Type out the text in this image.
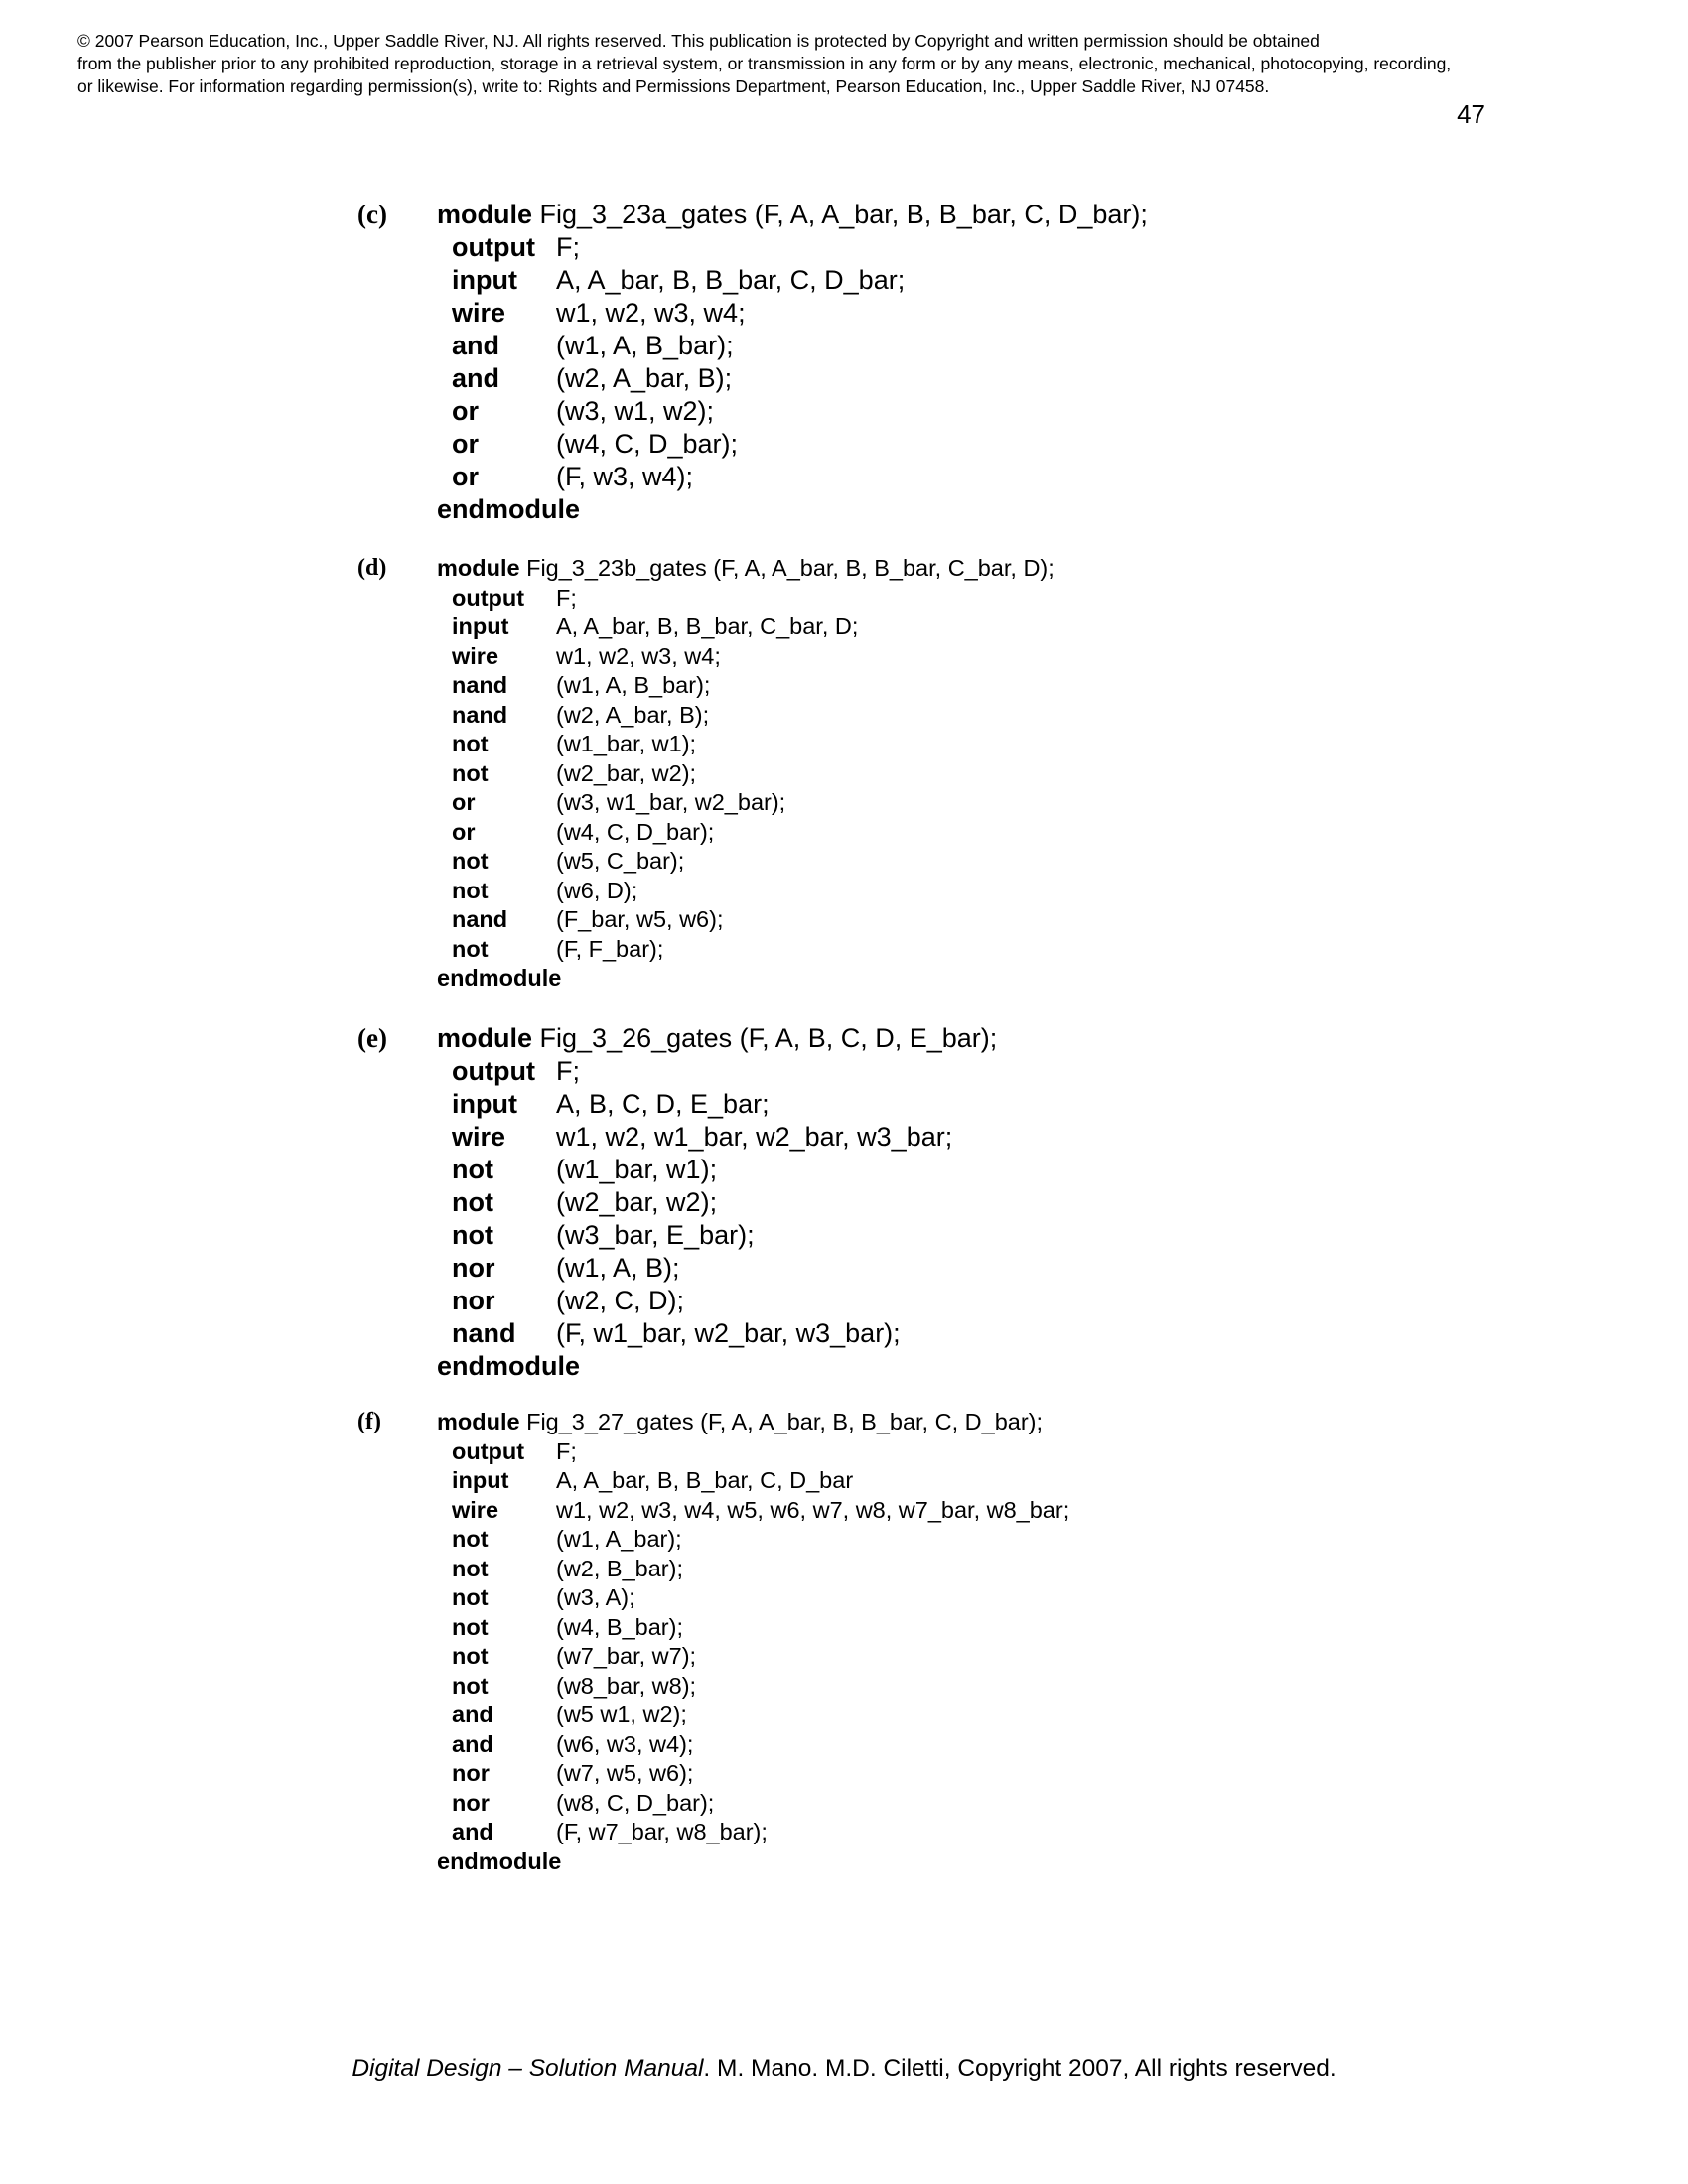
© 2007 Pearson Education, Inc., Upper Saddle River, NJ. All rights reserved. This publication is protected by Copyright and written permission should be obtained
from the publisher prior to any prohibited reproduction, storage in a retrieval system, or transmission in any form or by any means, electronic, mechanical, photocopying, recording,
or likewise. For information regarding permission(s), write to: Rights and Permissions Department, Pearson Education, Inc., Upper Saddle River, NJ 07458.
47
(c) module Fig_3_23a_gates (F, A, A_bar, B, B_bar, C, D_bar);
output F;
input A, A_bar, B, B_bar, C, D_bar;
wire w1, w2, w3, w4;
and (w1, A, B_bar);
and (w2, A_bar, B);
or	(w3, w1, w2);
or	(w4, C, D_bar);
or	(F, w3, w4);
endmodule
(d) module Fig_3_23b_gates (F, A, A_bar, B, B_bar, C_bar, D);
output F;
input A, A_bar, B, B_bar, C_bar, D;
wire w1, w2, w3, w4;
nand (w1, A, B_bar);
nand (w2, A_bar, B);
not	(w1_bar, w1);
not	(w2_bar, w2);
or	(w3, w1_bar, w2_bar);
or	(w4, C, D_bar);
not	(w5, C_bar);
not	(w6, D);
nand (F_bar, w5, w6);
not	(F, F_bar);
endmodule
(e) module Fig_3_26_gates (F, A, B, C, D, E_bar);
output F;
input A, B, C, D, E_bar;
wire w1, w2, w1_bar, w2_bar, w3_bar;
not (w1_bar, w1);
not (w2_bar, w2);
not (w3_bar, E_bar);
nor (w1, A, B);
nor (w2, C, D);
nand (F, w1_bar, w2_bar, w3_bar);
endmodule
(f) module Fig_3_27_gates (F, A, A_bar, B, B_bar, C, D_bar);
output F;
input A, A_bar, B, B_bar, C, D_bar
wire w1, w2, w3, w4, w5, w6, w7, w8, w7_bar, w8_bar;
not	(w1, A_bar);
not	(w2, B_bar);
not	(w3, A);
not	(w4, B_bar);
not	(w7_bar, w7);
not	(w8_bar, w8);
and	(w5 w1, w2);
and	(w6, w3, w4);
nor	(w7, w5, w6);
nor	(w8, C, D_bar);
and	(F, w7_bar, w8_bar);
endmodule
Digital Design – Solution Manual. M. Mano. M.D. Ciletti, Copyright 2007, All rights reserved.
